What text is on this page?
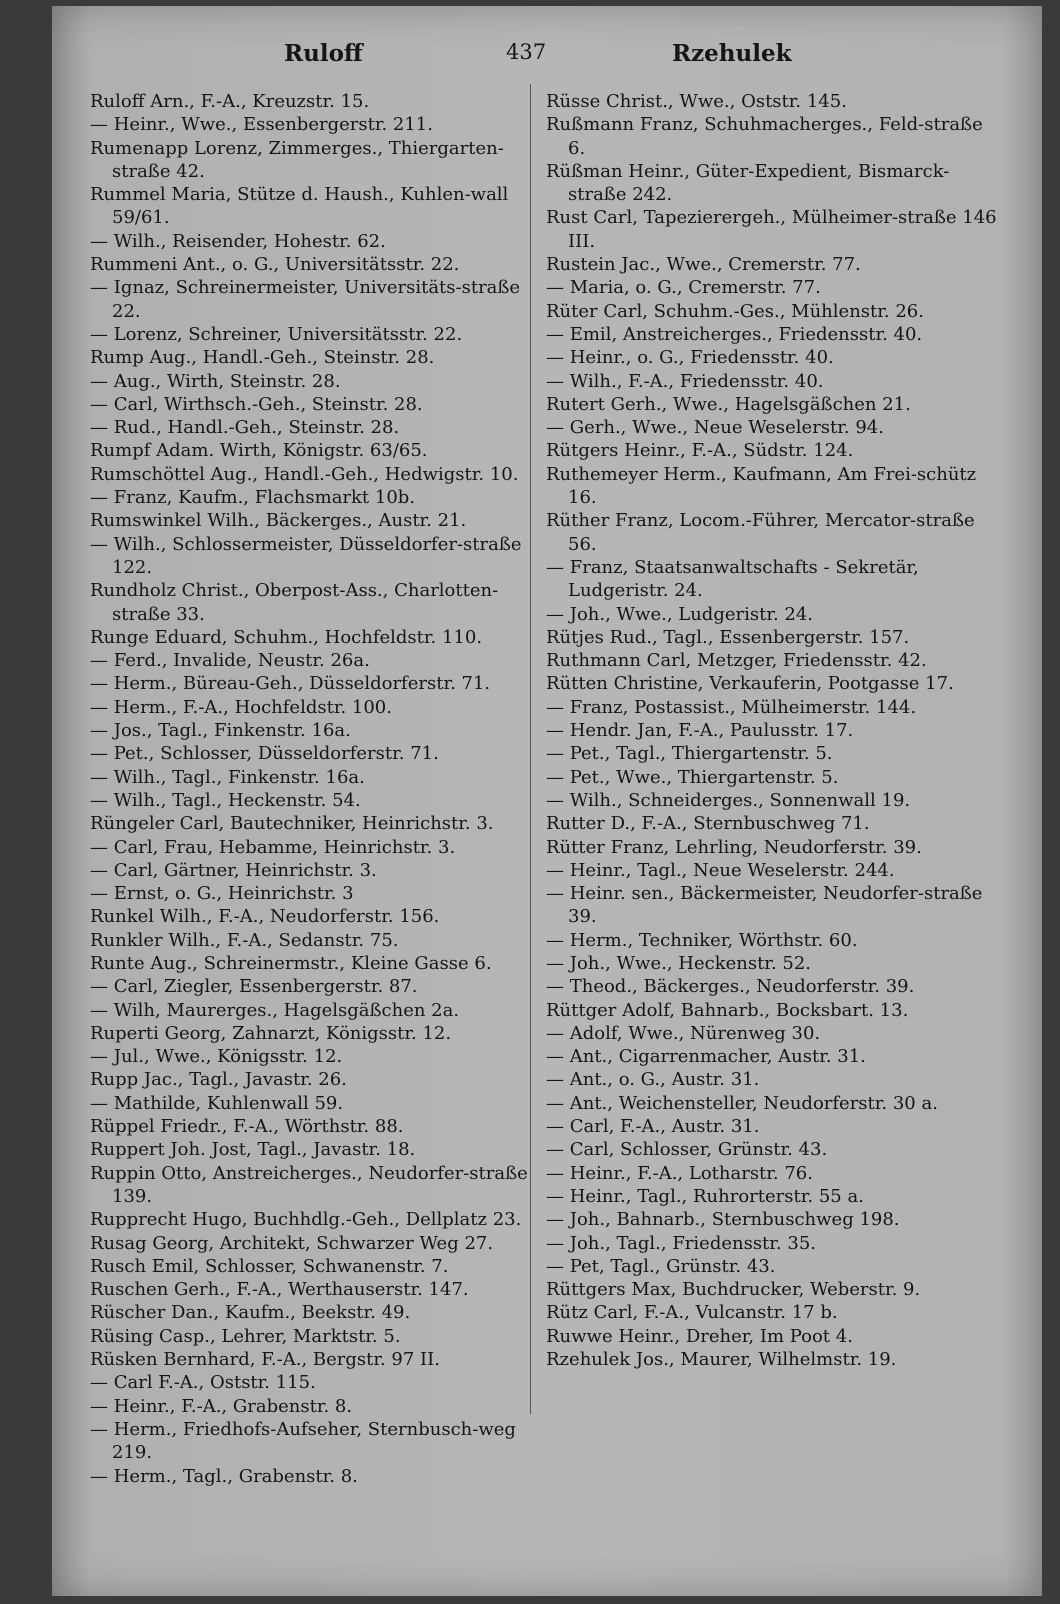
Ruloff	437	Rzehulek

Ruloff Arn., F.-A., Kreuzstr. 15.

— Heinr., Wwe., Essenbergerstr. 211.

Rumenapp Lorenz, Zimmerges., Thiergarten-straße 42.

Rummel Maria, Stütze d. Haush., Kuhlen-wall 59/61.

— Wilh., Reisender, Hohestr. 62.

Rummeni Ant., o. G., Universitätsstr. 22.

— Ignaz, Schreinermeister, Universitäts-straße 22.

— Lorenz, Schreiner, Universitätsstr. 22.

Rump Aug., Handl.-Geh., Steinstr. 28.

— Aug., Wirth, Steinstr. 28.

— Carl, Wirthsch.-Geh., Steinstr. 28.

— Rud., Handl.-Geh., Steinstr. 28.

Rumpf Adam. Wirth, Königstr. 63/65.

Rumschöttel Aug., Handl.-Geh., Hedwigstr. 10.

— Franz, Kaufm., Flachsmarkt 10b.

Rumswinkel Wilh., Bäckerges., Austr. 21.

— Wilh., Schlossermeister, Düsseldorfer-straße 122.

Rundholz Christ., Oberpost-Ass., Charlotten-straße 33.

Runge Eduard, Schuhm., Hochfeldstr. 110.

— Ferd., Invalide, Neustr. 26a.

— Herm., Büreau-Geh., Düsseldorferstr. 71.

— Herm., F.-A., Hochfeldstr. 100.

— Jos., Tagl., Finkenstr. 16a.

— Pet., Schlosser, Düsseldorferstr. 71.

— Wilh., Tagl., Finkenstr. 16a.

— Wilh., Tagl., Heckenstr. 54.

Rüngeler Carl, Bautechniker, Heinrichstr. 3.

— Carl, Frau, Hebamme, Heinrichstr. 3.

— Carl, Gärtner, Heinrichstr. 3.

— Ernst, o. G., Heinrichstr. 3

Runkel Wilh., F.-A., Neudorferstr. 156.

Runkler Wilh., F.-A., Sedanstr. 75.

Runte Aug., Schreinermstr., Kleine Gasse 6.

— Carl, Ziegler, Essenbergerstr. 87.

— Wilh, Maurerges., Hagelsgäßchen 2a.

Ruperti Georg, Zahnarzt, Königsstr. 12.

— Jul., Wwe., Königsstr. 12.

Rupp Jac., Tagl., Javastr. 26.

— Mathilde, Kuhlenwall 59.

Rüppel Friedr., F.-A., Wörthstr. 88.

Ruppert Joh. Jost, Tagl., Javastr. 18.

Ruppin Otto, Anstreicherges., Neudorfer-straße 139.

Rupprecht Hugo, Buchhdlg.-Geh., Dellplatz 23.

Rusag Georg, Architekt, Schwarzer Weg 27.

Rusch Emil, Schlosser, Schwanenstr. 7.

Ruschen Gerh., F.-A., Werthauserstr. 147.

Rüscher Dan., Kaufm., Beekstr. 49.

Rüsing Casp., Lehrer, Marktstr. 5.

Rüsken Bernhard, F.-A., Bergstr. 97 II.

— Carl F.-A., Oststr. 115.

— Heinr., F.-A., Grabenstr. 8.

— Herm., Friedhofs-Aufseher, Sternbusch-weg 219.

— Herm., Tagl., Grabenstr. 8.

Rüsse Christ., Wwe., Oststr. 145.

Rußmann Franz, Schuhmacherges., Feld-straße 6.

Rüßman Heinr., Güter-Expedient, Bismarck-straße 242.

Rust Carl, Tapezierergeh., Mülheimer-straße 146 III.

Rustein Jac., Wwe., Cremerstr. 77.

— Maria, o. G., Cremerstr. 77.

Rüter Carl, Schuhm.-Ges., Mühlenstr. 26.

— Emil, Anstreicherges., Friedensstr. 40.

— Heinr., o. G., Friedensstr. 40.

— Wilh., F.-A., Friedensstr. 40.

Rutert Gerh., Wwe., Hagelsgäßchen 21.

— Gerh., Wwe., Neue Weselerstr. 94.

Rütgers Heinr., F.-A., Südstr. 124.

Ruthemeyer Herm., Kaufmann, Am Frei-schütz 16.

Rüther Franz, Locom.-Führer, Mercator-straße 56.

— Franz, Staatsanwaltschafts - Sekretär, Ludgeristr. 24.

— Joh., Wwe., Ludgeristr. 24.

Rütjes Rud., Tagl., Essenbergerstr. 157.

Ruthmann Carl, Metzger, Friedensstr. 42.

Rütten Christine, Verkauferin, Pootgasse 17.

— Franz, Postassist., Mülheimerstr. 144.

— Hendr. Jan, F.-A., Paulusstr. 17.

— Pet., Tagl., Thiergartenstr. 5.

— Pet., Wwe., Thiergartenstr. 5.

— Wilh., Schneiderges., Sonnenwall 19.

Rutter D., F.-A., Sternbuschweg 71.

Rütter Franz, Lehrling, Neudorferstr. 39.

— Heinr., Tagl., Neue Weselerstr. 244.

— Heinr. sen., Bäckermeister, Neudorfer-straße 39.

— Herm., Techniker, Wörthstr. 60.

— Joh., Wwe., Heckenstr. 52.

— Theod., Bäckerges., Neudorferstr. 39.

Rüttger Adolf, Bahnarb., Bocksbart. 13.

— Adolf, Wwe., Nürenweg 30.

— Ant., Cigarrenmacher, Austr. 31.

— Ant., o. G., Austr. 31.

— Ant., Weichensteller, Neudorferstr. 30 a.

— Carl, F.-A., Austr. 31.

— Carl, Schlosser, Grünstr. 43.

— Heinr., F.-A., Lotharstr. 76.

— Heinr., Tagl., Ruhrorterstr. 55 a.

— Joh., Bahnarb., Sternbuschweg 198.

— Joh., Tagl., Friedensstr. 35.

— Pet, Tagl., Grünstr. 43.

Rüttgers Max, Buchdrucker, Weberstr. 9.

Rütz Carl, F.-A., Vulcanstr. 17 b.

Ruwwe Heinr., Dreher, Im Poot 4.

Rzehulek Jos., Maurer, Wilhelmstr. 19.
